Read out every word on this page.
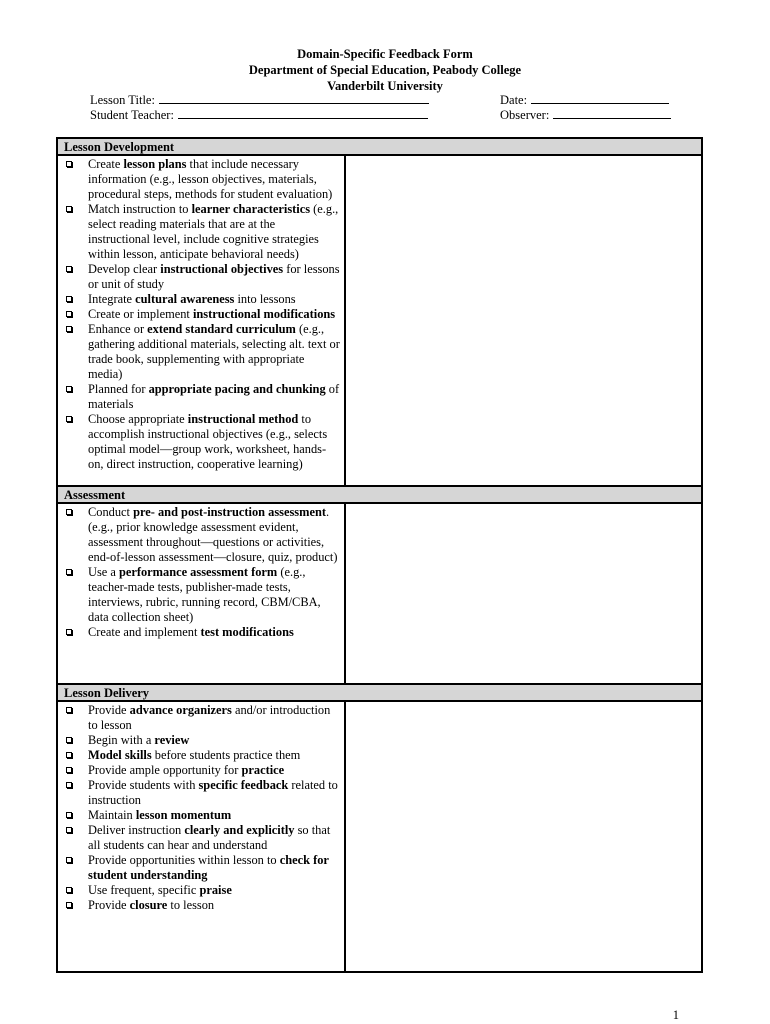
Domain-Specific Feedback Form
Department of Special Education, Peabody College
Vanderbilt University
Lesson Title:
Student Teacher:
Date:
Observer:
Lesson Development
Create lesson plans that include necessary information (e.g., lesson objectives, materials, procedural steps, methods for student evaluation)
Match instruction to learner characteristics (e.g., select reading materials that are at the instructional level, include cognitive strategies within lesson, anticipate behavioral needs)
Develop clear instructional objectives for lessons or unit of study
Integrate cultural awareness into lessons
Create or implement instructional modifications
Enhance or extend standard curriculum (e.g., gathering additional materials, selecting alt. text or trade book, supplementing with appropriate media)
Planned for appropriate pacing and chunking of materials
Choose appropriate instructional method to accomplish instructional objectives (e.g., selects optimal model—group work, worksheet, hands-on, direct instruction, cooperative learning)
Assessment
Conduct pre- and post-instruction assessment. (e.g., prior knowledge assessment evident, assessment throughout—questions or activities, end-of-lesson assessment—closure, quiz, product)
Use a performance assessment form (e.g., teacher-made tests, publisher-made tests, interviews, rubric, running record, CBM/CBA, data collection sheet)
Create and implement test modifications
Lesson Delivery
Provide advance organizers and/or introduction to lesson
Begin with a review
Model skills before students practice them
Provide ample opportunity for practice
Provide students with specific feedback related to instruction
Maintain lesson momentum
Deliver instruction clearly and explicitly so that all students can hear and understand
Provide opportunities within lesson to check for student understanding
Use frequent, specific praise
Provide closure to lesson
1
